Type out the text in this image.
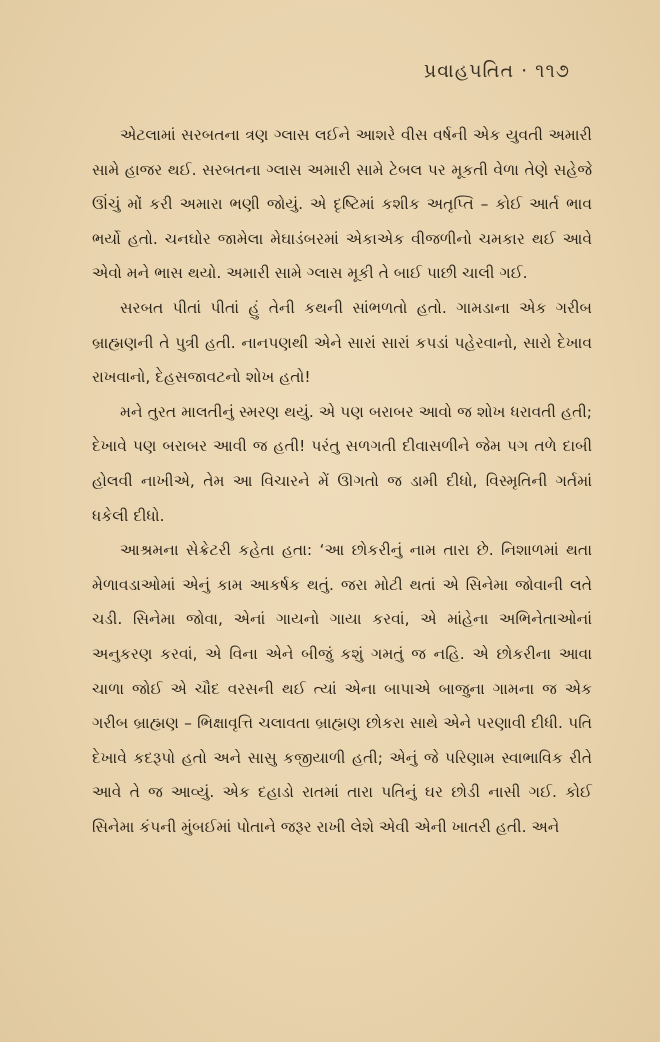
પ્રવાહપતિત · ૧૧૭

એટલામાં સરબતના ત્રણ ગ્લાસ લઈને આશરે વીસ વર્ષની એક યુવતી અમારી સામે હાજર થઈ. સરબતના ગ્લાસ અમારી સામે ટેબલ પર મૂકતી વેળા તેણે સહેજે ઊંચું મોં કરી અમારા ભણી જોયું. એ દૃષ્ટિમાં કશીક અતૃપ્તિ – કોઈ આર્ત ભાવ ભર્યો હતો. ચનઘોર જામેલા મેઘાડંબરમાં એકાએક વીજળીનો ચમકાર થઈ આવે એવો મને ભાસ થયો. અમારી સામે ગ્લાસ મૂકી તે બાઈ પાછી ચાલી ગઈ.

સરબત પીતાં પીતાં હું તેની કથની સાંભળતો હતો. ગામડાના એક ગરીબ બ્રાહ્મણની તે પુત્રી હતી. નાનપણથી એને સારાં સારાં કપડાં પહેરવાનો, સારો દેખાવ રાખવાનો, દેહસજાવટનો શોખ હતો!

મને તુરત માલતીનું સ્મરણ થયું. એ પણ બરાબર આવો જ શોખ ધરાવતી હતી; દેખાવે પણ બરાબર આવી જ હતી! પરંતુ સળગતી દીવાસળીને જેમ પગ તળે દાબી હોલવી નાખીએ, તેમ આ વિચારને મેં ઊગતો જ ડામી દીધો, વિસ્મૃતિની ગર્તમાં ધકેલી દીધો.

આશ્રમના સેક્રેટરી કહેતા હતા: ‘આ છોકરીનું નામ તારા છે. નિશાળમાં થતા મેળાવડાઓમાં એનું કામ આકર્ષક થતું. જરા મોટી થતાં એ સિનેમા જોવાની લતે ચડી. સિનેમા જોવા, એનાં ગાયનો ગાયા કરવાં, એ માંહેના અભિનેતાઓનાં અનુકરણ કરવાં, એ વિના એને બીજું કશું ગમતું જ નહિ. એ છોકરીના આવા ચાળા જોઈ એ ચૌદ વરસની થઈ ત્યાં એના બાપાએ બાજુના ગામના જ એક ગરીબ બ્રાહ્મણ – ભિક્ષાવૃત્તિ ચલાવતા બ્રાહ્મણ છોકરા સાથે એને પરણાવી દીધી. પતિ દેખાવે કદરૂપો હતો અને સાસુ કજીયાળી હતી; એનું જે પરિણામ સ્વાભાવિક રીતે આવે તે જ આવ્યું. એક દહાડો રાતમાં તારા પતિનું ઘર છોડી નાસી ગઈ. કોઈ સિનેમા કંપની મુંબઈમાં પોતાને જરૂર રાખી લેશે એવી એની ખાતરી હતી. અને
